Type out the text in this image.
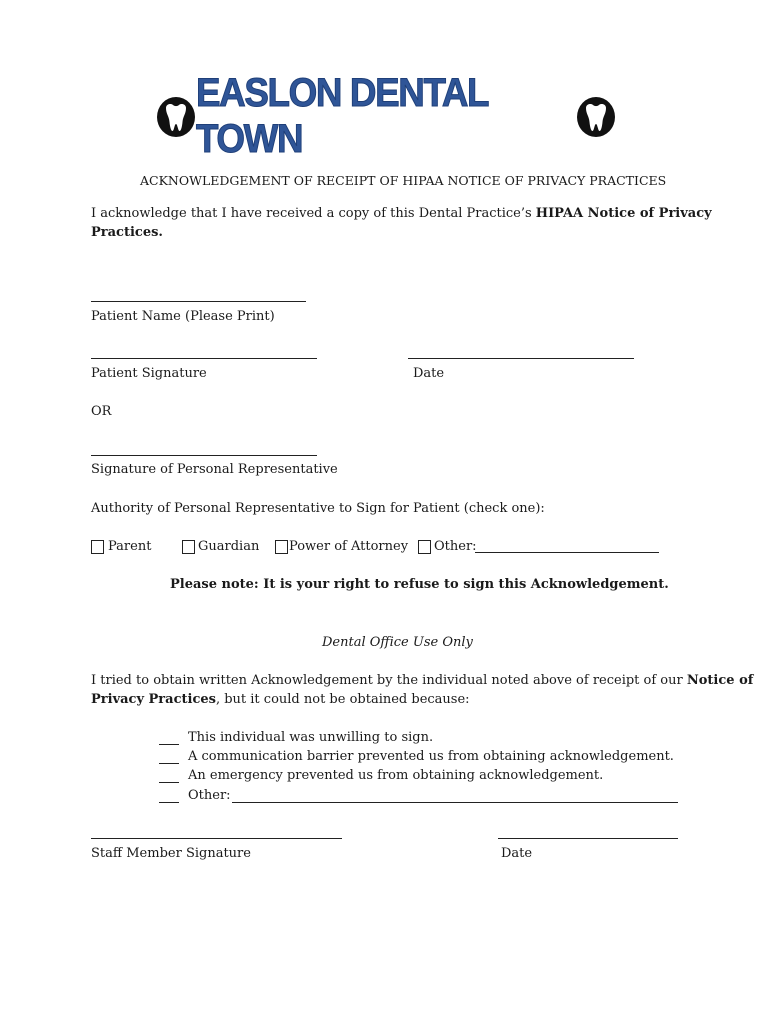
EASLON DENTAL TOWN
ACKNOWLEDGEMENT OF RECEIPT OF HIPAA NOTICE OF PRIVACY PRACTICES
I acknowledge that I have received a copy of this Dental Practice’s HIPAA Notice of Privacy
Practices.
Patient Name (Please Print)
Patient Signature	Date
OR
Signature of Personal Representative
Authority of Personal Representative to Sign for Patient (check one):
Parent	Guardian Power of Attorney Other:
Please note: It is your right to refuse to sign this Acknowledgement.
Dental Office Use Only
I tried to obtain written Acknowledgement by the individual noted above of receipt of our Notice of
Privacy Practices, but it could not be obtained because:
This individual was unwilling to sign.
A communication barrier prevented us from obtaining acknowledgement.
An emergency prevented us from obtaining acknowledgement.
Other:
Staff Member Signature	Date
